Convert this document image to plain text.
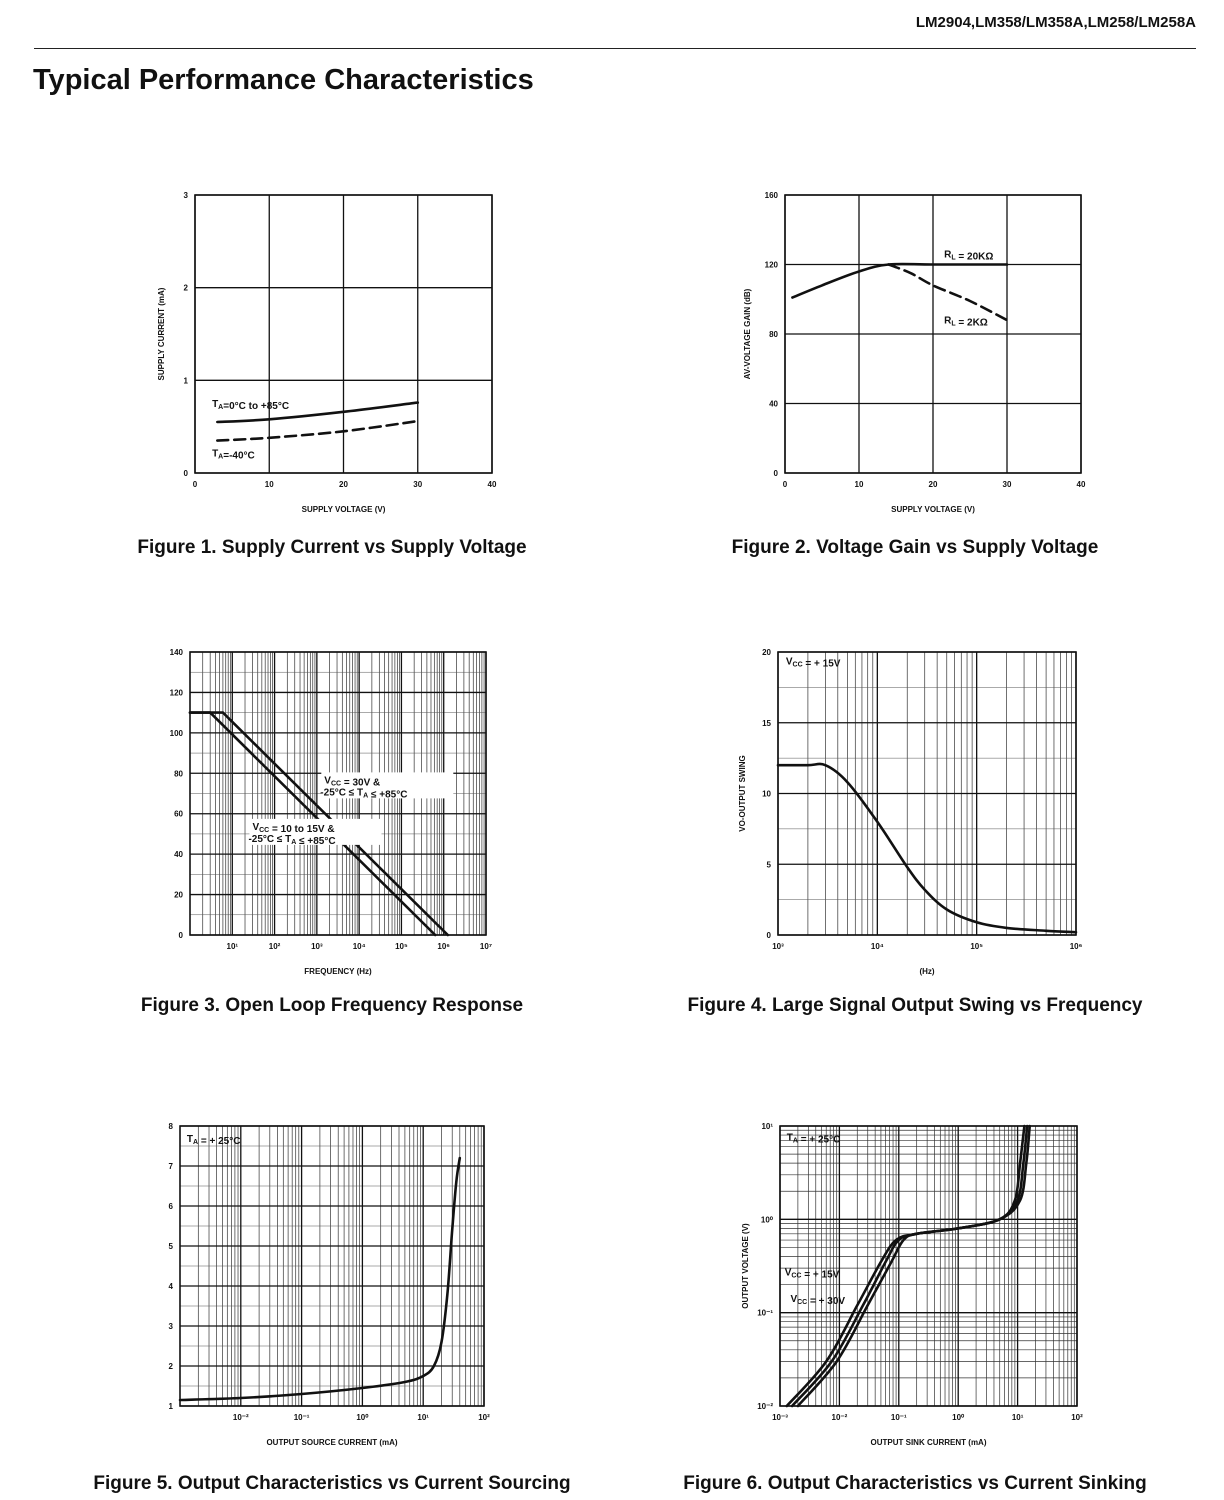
LM2904,LM358/LM358A,LM258/LM258A
Typical Performance Characteristics
0	10	20	30	40
0
1
2
3
SUPPLY VOLTAGE (V)
SUPPLY CURRENT (mA)
$T_A=0^\circ C$ to +85°C
$T_A=-40^\circ C$
Figure 1. Supply Current vs Supply Voltage
0	10	20	30	40
0
40
80
120
160
SUPPLY VOLTAGE (V)
AV-VOLTAGE GAIN (dB)
$R_L = 20K\Omega$
$R_L = 2K\Omega$
Figure 2. Voltage Gain vs Supply Voltage
10¹	10²	10³	10⁴	10⁵	10⁶	10⁷
0
20
40
60
80
100
120
140
FREQUENCY (Hz)
$V_{CC} = 30V$ &
$-25^\circ C \le T_A \le +85^\circ C$
$V_{CC} = 10$ to 15V &
$-25^\circ C \le T_A \le +85^\circ C$
Figure 3. Open Loop Frequency Response
10³	10⁴	10⁵	10⁶
0
5
10
15
20
(Hz)
VO-OUTPUT SWING
$V_{CC}$ = + 15V
Figure 4. Large Signal Output Swing vs Frequency
10⁻²	10⁻¹	10⁰	10¹	10²
1
2
3
4
5
6
7
8
OUTPUT SOURCE CURRENT (mA)
$T_A$ = + 25°C
Figure 5. Output Characteristics vs Current Sourcing
10⁻³	10⁻²	10⁻¹	10⁰	10¹	10²
10⁻²
10⁻¹
10⁰
10¹
OUTPUT SINK CURRENT (mA)
OUTPUT VOLTAGE (V)
$T_A$ = + 25°C
$V_{CC}$ = + 15V
$V_{CC}$ = + 30V
Figure 6. Output Characteristics vs Current Sinking
